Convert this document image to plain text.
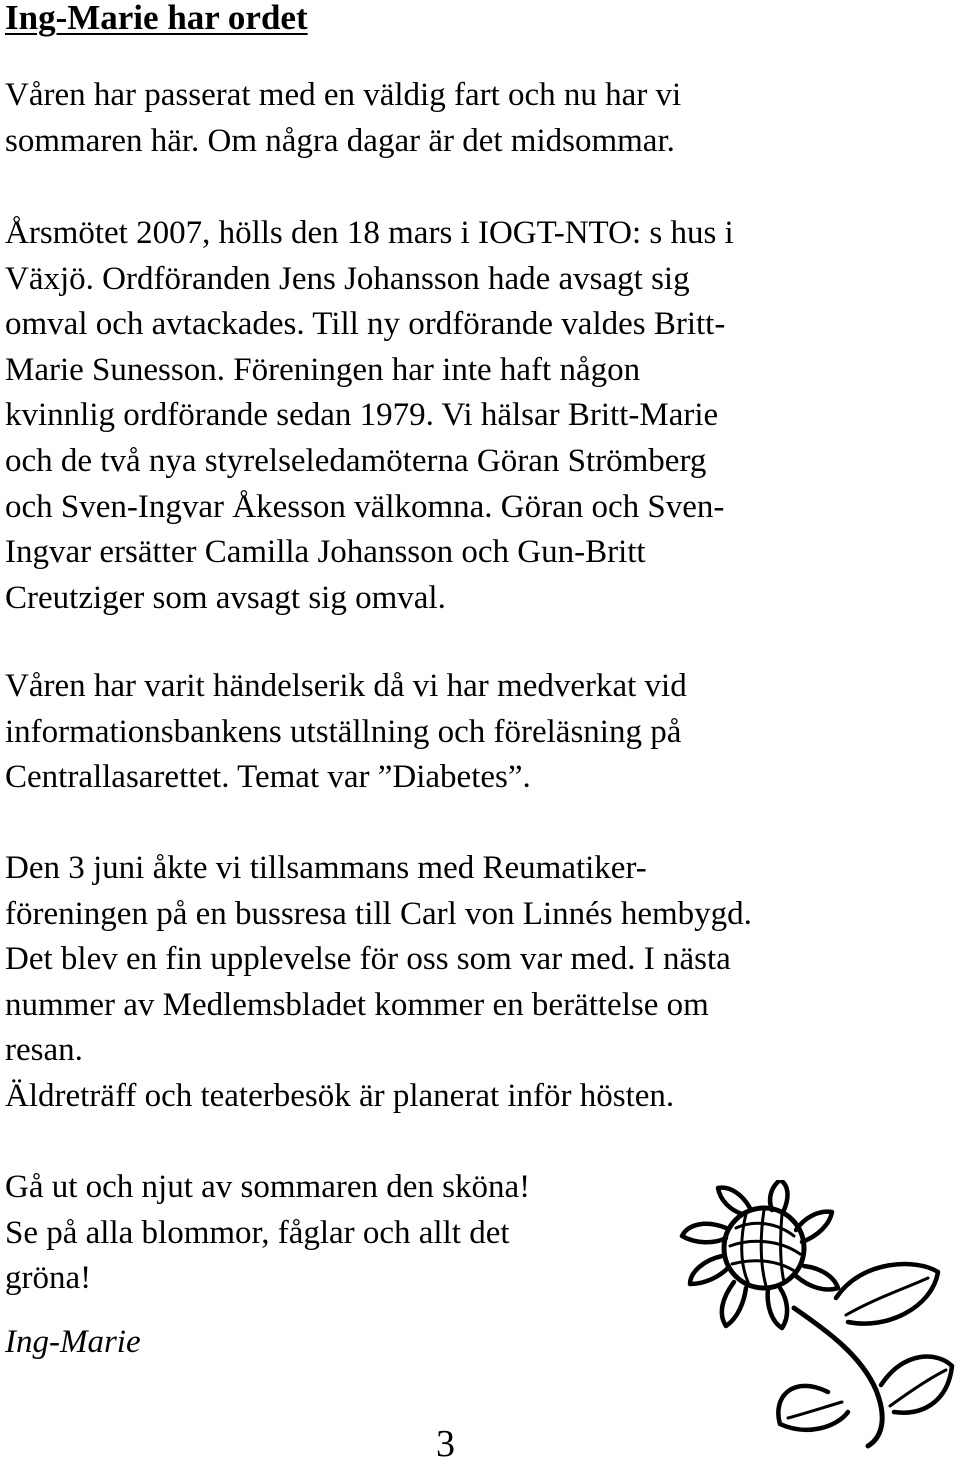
Ing-Marie har ordet

Våren har passerat med en väldig fart och nu har vi
sommaren här. Om några dagar är det midsommar.

Årsmötet 2007, hölls den 18 mars i IOGT-NTO: s hus i
Växjö. Ordföranden Jens Johansson hade avsagt sig
omval och avtackades. Till ny ordförande valdes Britt-
Marie Sunesson. Föreningen har inte haft någon
kvinnlig ordförande sedan 1979. Vi hälsar Britt-Marie
och de två nya styrelseledamöterna Göran Strömberg
och Sven-Ingvar Åkesson välkomna. Göran och Sven-
Ingvar ersätter Camilla Johansson och Gun-Britt
Creutziger som avsagt sig omval.

Våren har varit händelserik då vi har medverkat vid
informationsbankens utställning och föreläsning på
Centrallasarettet. Temat var ”Diabetes”.

Den 3 juni åkte vi tillsammans med Reumatiker-
föreningen på en bussresa till Carl von Linnés hembygd.
Det blev en fin upplevelse för oss som var med. I nästa
nummer av Medlemsbladet kommer en berättelse om
resan.
Äldreträff och teaterbesök är planerat inför hösten.

Gå ut och njut av sommaren den sköna!
Se på alla blommor, fåglar och allt det
gröna!

Ing-Marie

3
